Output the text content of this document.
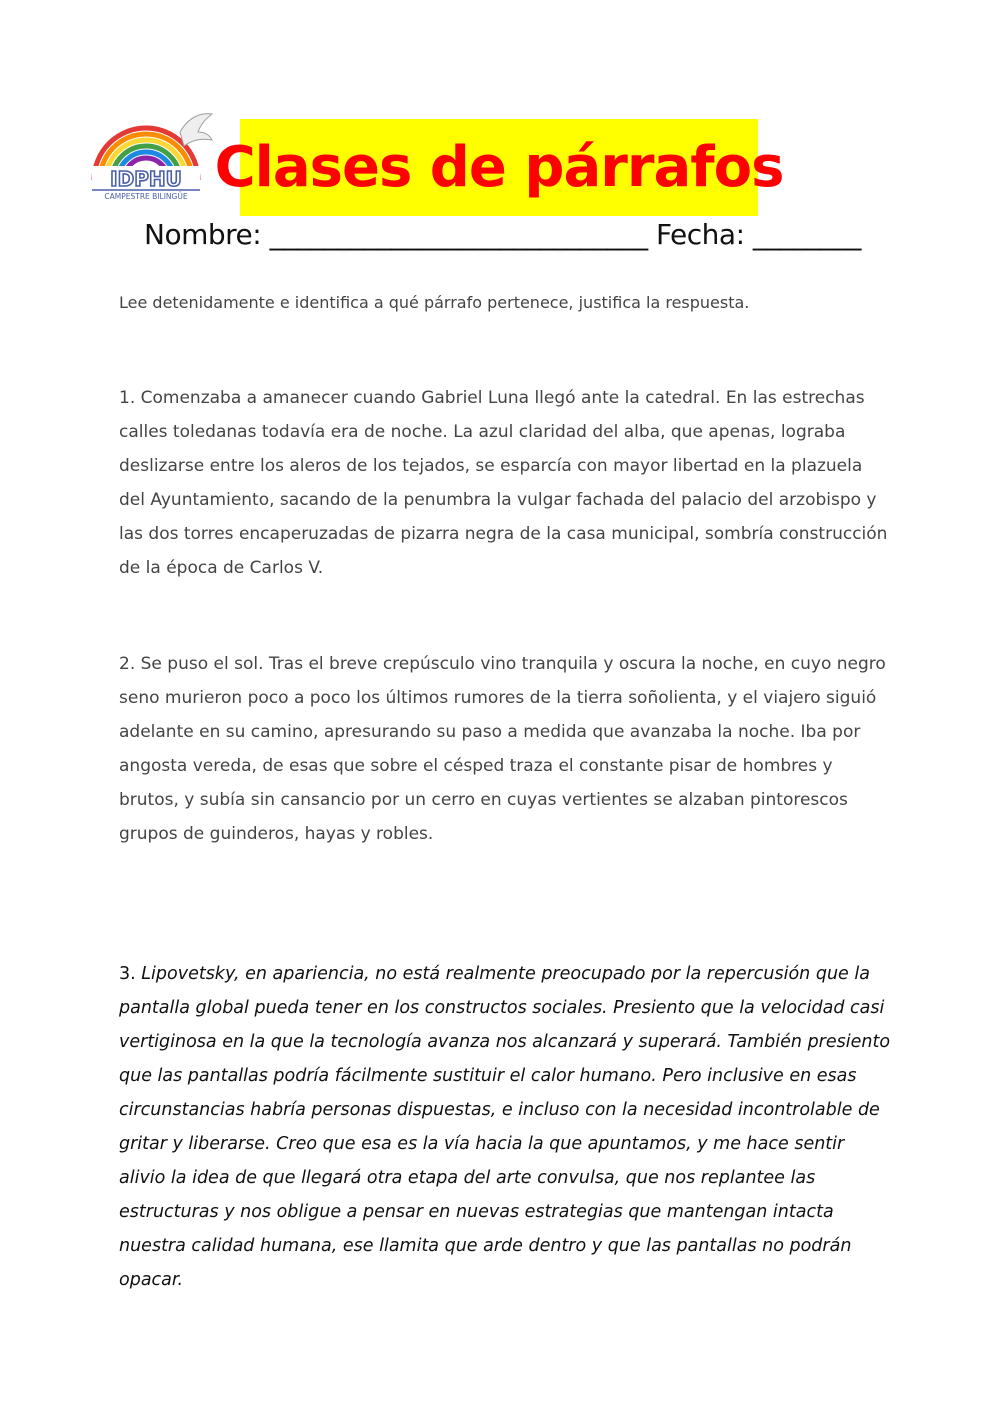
IDPHU
CAMPESTRE BILINGÜE Clases de párrafos
Nombre: ____________________________ Fecha: ________
Lee detenidamente e identifica a qué párrafo pertenece, justifica la respuesta.
1. Comenzaba a amanecer cuando Gabriel Luna llegó ante la catedral. En las estrechas calles toledanas todavía era de noche. La azul claridad del alba, que apenas, lograba deslizarse entre los aleros de los tejados, se esparcía con mayor libertad en la plazuela del Ayuntamiento, sacando de la penumbra la vulgar fachada del palacio del arzobispo y las dos torres encaperuzadas de pizarra negra de la casa municipal, sombría construcción de la época de Carlos V.
2. Se puso el sol. Tras el breve crepúsculo vino tranquila y oscura la noche, en cuyo negro seno murieron poco a poco los últimos rumores de la tierra soñolienta, y el viajero siguió adelante en su camino, apresurando su paso a medida que avanzaba la noche. Iba por angosta vereda, de esas que sobre el césped traza el constante pisar de hombres y brutos, y subía sin cansancio por un cerro en cuyas vertientes se alzaban pintorescos grupos de guinderos, hayas y robles.
3. Lipovetsky, en apariencia, no está realmente preocupado por la repercusión que la pantalla global pueda tener en los constructos sociales. Presiento que la velocidad casi vertiginosa en la que la tecnología avanza nos alcanzará y superará. También presiento que las pantallas podría fácilmente sustituir el calor humano. Pero inclusive en esas circunstancias habría personas dispuestas, e incluso con la necesidad incontrolable de gritar y liberarse. Creo que esa es la vía hacia la que apuntamos, y me hace sentir alivio la idea de que llegará otra etapa del arte convulsa, que nos replantee las estructuras y nos obligue a pensar en nuevas estrategias que mantengan intacta nuestra calidad humana, ese llamita que arde dentro y que las pantallas no podrán opacar.
